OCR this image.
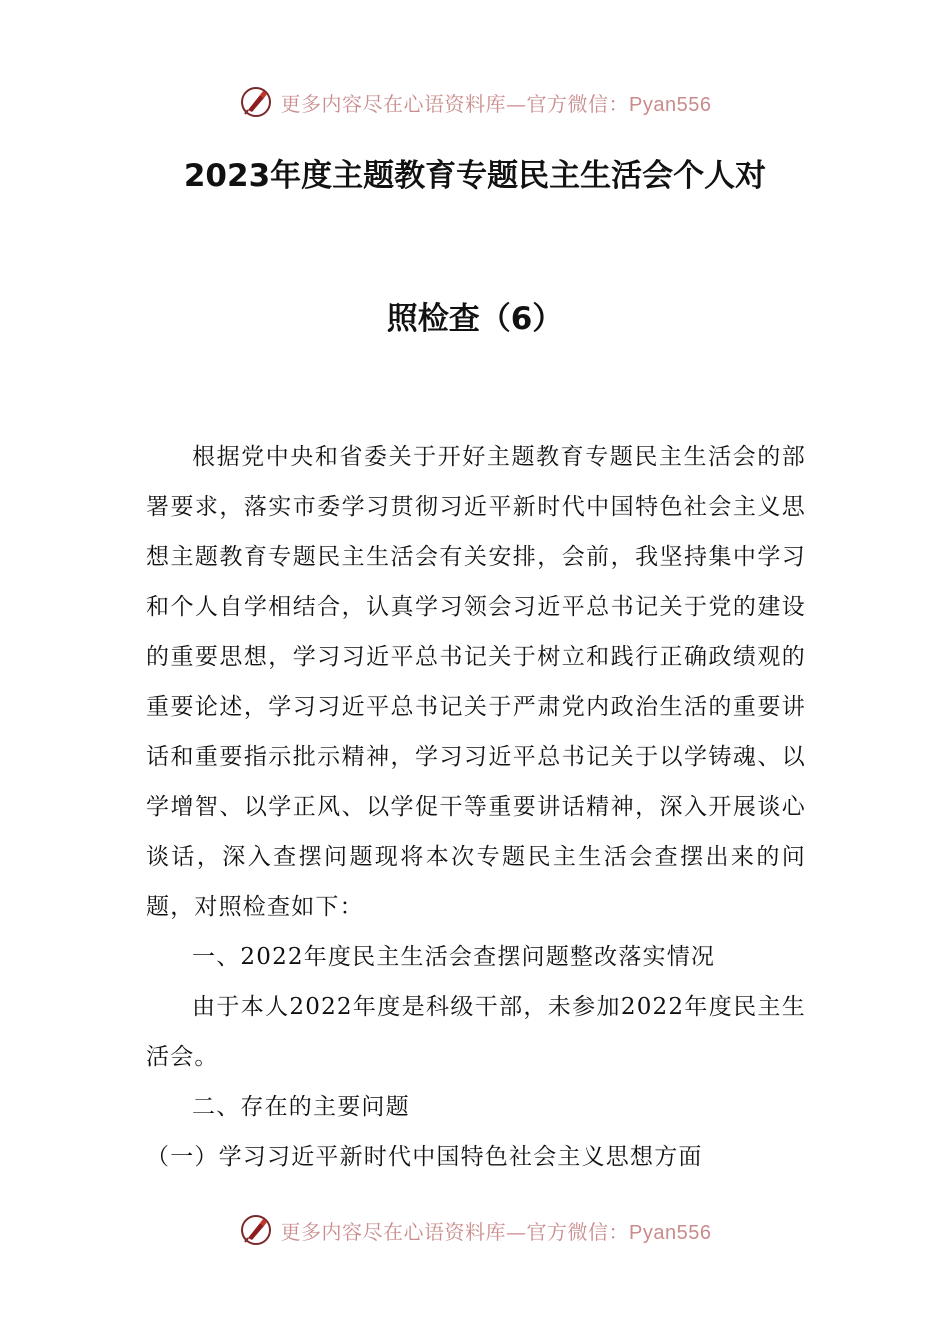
更多内容尽在心语资料库—官方微信：Pyan556
2023年度主题教育专题民主生活会个人对
照检查（6）

根据党中央和省委关于开好主题教育专题民主生活会的部署要求，落实市委学习贯彻习近平新时代中国特色社会主义思想主题教育专题民主生活会有关安排，会前，我坚持集中学习和个人自学相结合，认真学习领会习近平总书记关于党的建设的重要思想，学习习近平总书记关于树立和践行正确政绩观的重要论述，学习习近平总书记关于严肃党内政治生活的重要讲话和重要指示批示精神，学习习近平总书记关于以学铸魂、以学增智、以学正风、以学促干等重要讲话精神，深入开展谈心谈话，深入查摆问题现将本次专题民主生活会查摆出来的问题，对照检查如下：

一、2022年度民主生活会查摆问题整改落实情况

由于本人2022年度是科级干部，未参加2022年度民主生活会。

二、存在的主要问题

（一）学习习近平新时代中国特色社会主义思想方面

更多内容尽在心语资料库—官方微信：Pyan556
